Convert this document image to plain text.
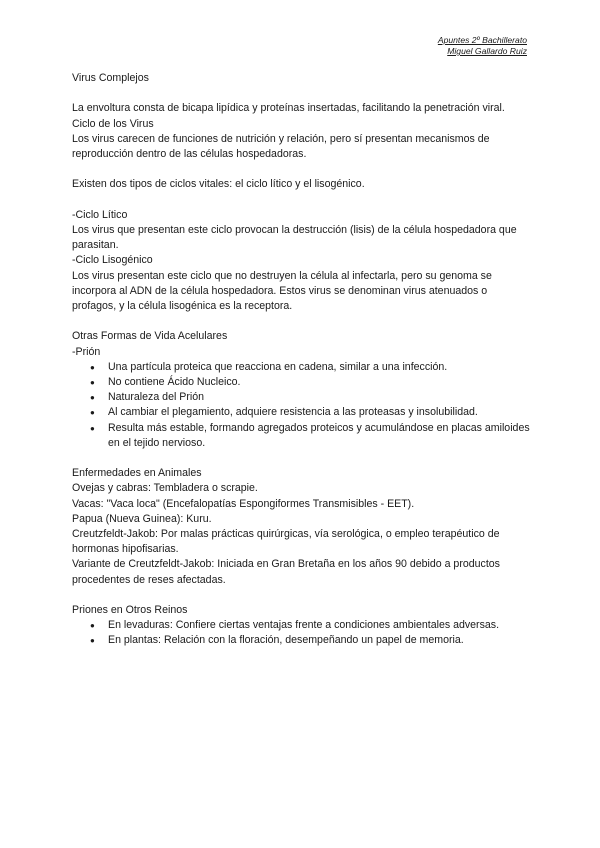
Apuntes 2º Bachillerato
Miguel Gallardo Ruiz

Virus Complejos

La envoltura consta de bicapa lipídica y proteínas insertadas, facilitando la penetración viral.

Ciclo de los Virus

Los virus carecen de funciones de nutrición y relación, pero sí presentan mecanismos de reproducción dentro de las células hospedadoras.

Existen dos tipos de ciclos vitales: el ciclo lítico y el lisogénico.

-Ciclo Lítico

Los virus que presentan este ciclo provocan la destrucción (lisis) de la célula hospedadora que parasitan.

-Ciclo Lisogénico

Los virus presentan este ciclo que no destruyen la célula al infectarla, pero su genoma se incorpora al ADN de la célula hospedadora. Estos virus se denominan virus atenuados o profagos, y la célula lisogénica es la receptora.

Otras Formas de Vida Acelulares

-Prión

● Una partícula proteica que reacciona en cadena, similar a una infección.
● No contiene Ácido Nucleico.
● Naturaleza del Prión
● Al cambiar el plegamiento, adquiere resistencia a las proteasas y insolubilidad.
● Resulta más estable, formando agregados proteicos y acumulándose en placas amiloides en el tejido nervioso.

Enfermedades en Animales

Ovejas y cabras: Tembladera o scrapie.

Vacas: "Vaca loca" (Encefalopatías Espongiformes Transmisibles - EET).

Papua (Nueva Guinea): Kuru.

Creutzfeldt-Jakob: Por malas prácticas quirúrgicas, vía serológica, o empleo terapéutico de hormonas hipofisarias.

Variante de Creutzfeldt-Jakob: Iniciada en Gran Bretaña en los años 90 debido a productos procedentes de reses afectadas.

Priones en Otros Reinos

● En levaduras: Confiere ciertas ventajas frente a condiciones ambientales adversas.
● En plantas: Relación con la floración, desempeñando un papel de memoria.
